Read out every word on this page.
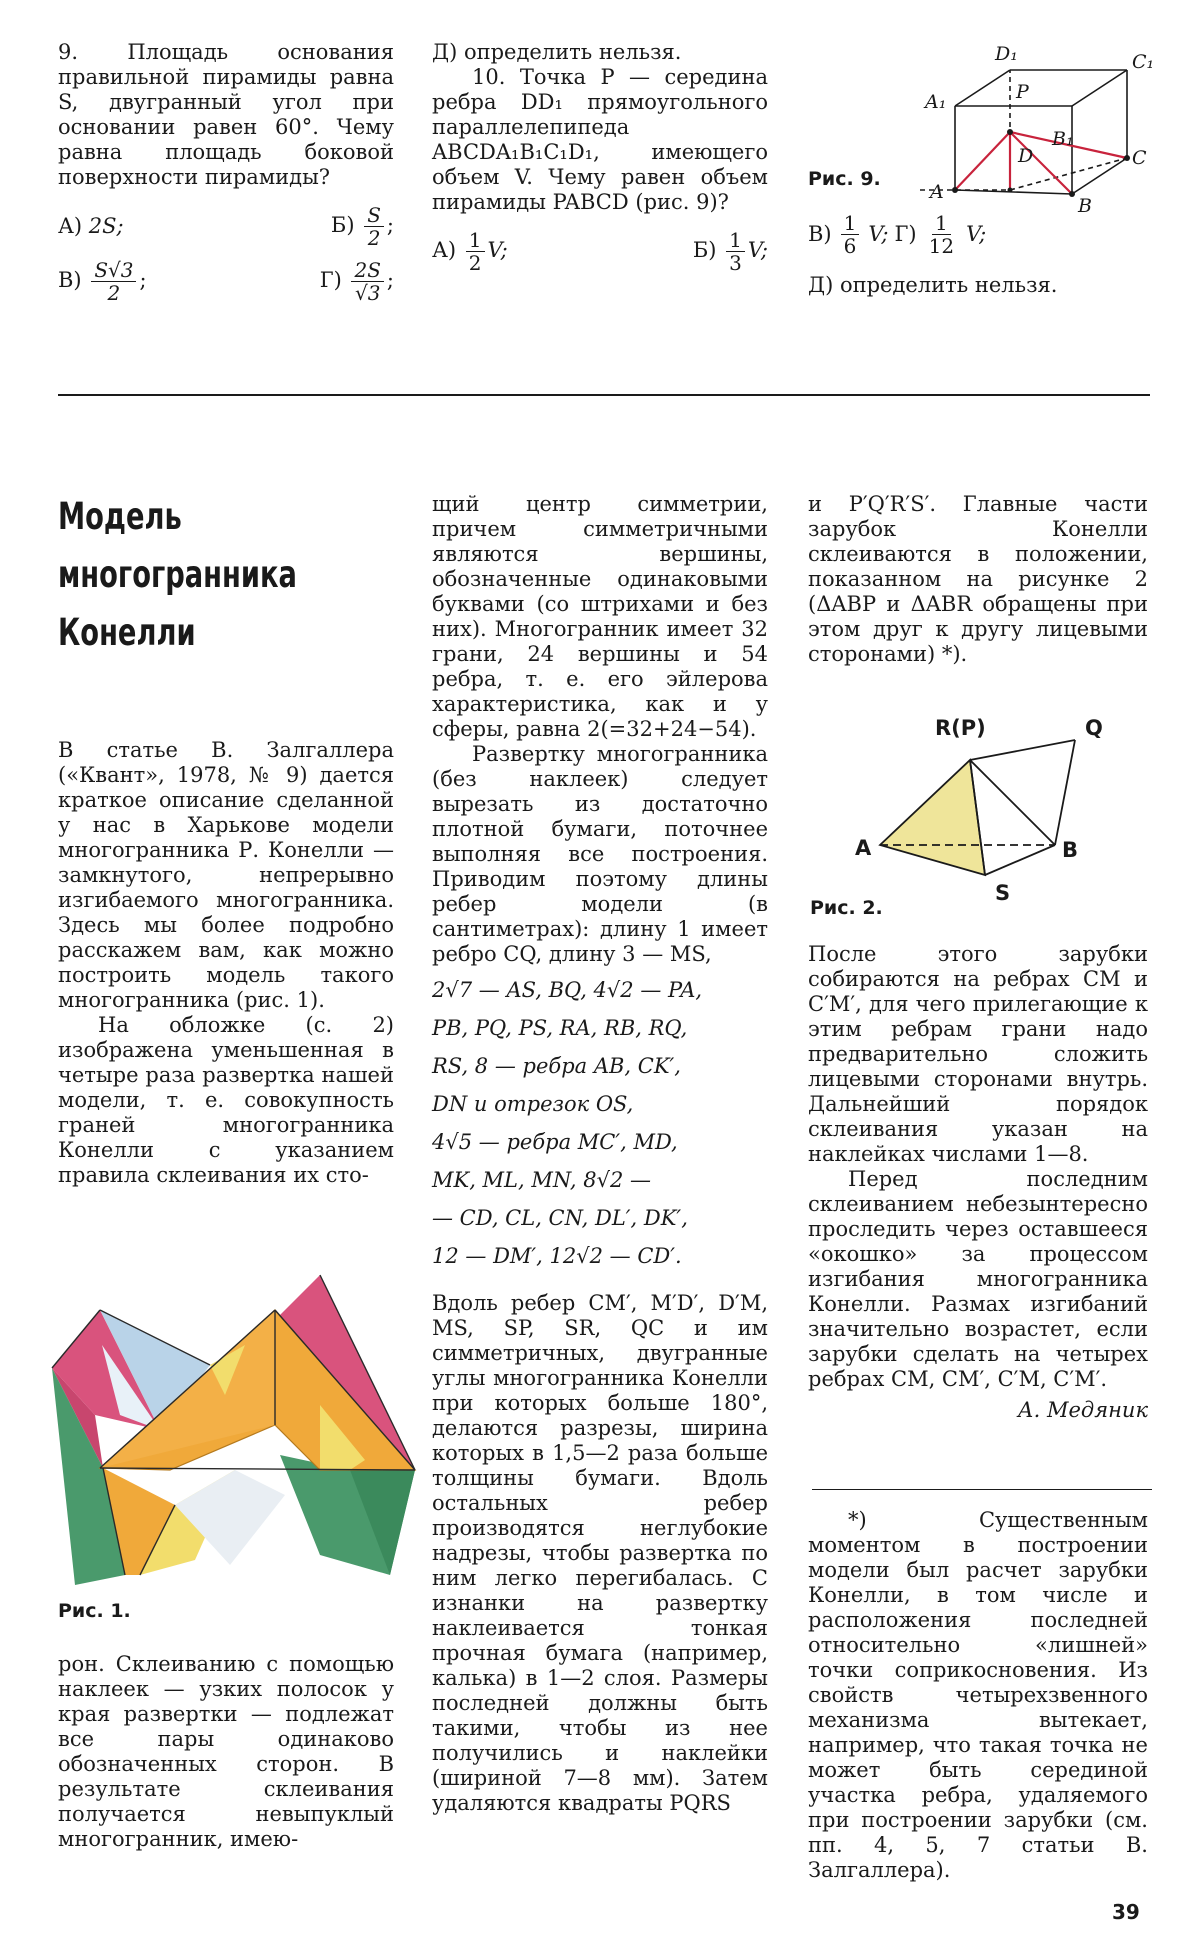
9. Площадь основания правильной пирамиды равна S, двугранный угол при основании равен 60°. Чему равна площадь боковой поверхности пирамиды?

А) 2S;	$Б) \frac{S}{2}$ ;
$В) \frac{S√3}{2}$ ;	$Г) \frac{2S}{√3}$ ;

Д) определить нельзя.

10. Точка P — середина ребра DD₁ прямоугольного параллелепипеда ABCDA₁B₁C₁D₁, имеющего объем V. Чему равен объем пирамиды PABCD (рис. 9)?

$А) \frac{1}{2} V$;	$Б) \frac{1}{3} V$;
D₁	C₁
A₁	P
B₁
D	C
A
B
Рис. 9.
$В) \frac{1}{6} V$; $Г) \frac{1}{12} V$;

Д) определить нельзя.

Модель
многогранника
Конелли

В статье В. Залгаллера («Квант», 1978, № 9) дается краткое описание сделанной у нас в Харькове модели многогранника Р. Конелли — замкнутого, непрерывно изгибаемого многогранника. Здесь мы более подробно расскажем вам, как можно построить модель такого многогранника (рис. 1).

На обложке (с. 2) изображена уменьшенная в четыре раза развертка нашей модели, т. е. совокупность граней многогранника Конелли с указанием правила склеивания их сто-

Рис. 1.

рон. Склеиванию с помощью наклеек — узких полосок у края развертки — подлежат все пары одинаково обозначенных сторон. В результате склеивания получается невыпуклый многогранник, имею-

щий центр симметрии, причем симметричными являются вершины, обозначенные одинаковыми буквами (со штрихами и без них). Многогранник имеет 32 грани, 24 вершины и 54 ребра, т. е. его эйлерова характеристика, как и у сферы, равна 2(=32+24−54).

Развертку многогранника (без наклеек) следует вырезать из достаточно плотной бумаги, поточнее выполняя все построения. Приводим поэтому длины ребер модели (в сантиметрах): длину 1 имеет ребро CQ, длину 3 — MS,

2√7 — AS, BQ, 4√2 — PA,
PB, PQ, PS, RA, RB, RQ,
RS, 8 — ребра AB, CK′,
DN и отрезок OS,
4√5 — ребра MC′, MD,
MK, ML, MN, 8√2 —
— CD, CL, CN, DL′, DK′,
12 — DM′, 12√2 — CD′.

Вдоль ребер CM′, M′D′, D′M, MS, SP, SR, QC и им симметричных, двугранные углы многогранника Конелли при которых больше 180°, делаются разрезы, ширина которых в 1,5—2 раза больше толщины бумаги. Вдоль остальных ребер производятся неглубокие надрезы, чтобы развертка по ним легко перегибалась. С изнанки на развертку наклеивается тонкая прочная бумага (например, калька) в 1—2 слоя. Размеры последней должны быть такими, чтобы из нее получились и наклейки (шириной 7—8 мм). Затем удаляются квадраты PQRS

и P′Q′R′S′. Главные части зарубок Конелли склеиваются в положении, показанном на рисунке 2 (ΔABP и ΔABR обращены при этом друг к другу лицевыми сторонами) *).

R(P)	Q
A	B
S
Рис. 2.

После этого зарубки собираются на ребрах CM и C′M′, для чего прилегающие к этим ребрам грани надо предварительно сложить лицевыми сторонами внутрь. Дальнейший порядок склеивания указан на наклейках числами 1—8.

Перед последним склеиванием небезынтересно проследить через оставшееся «окошко» за процессом изгибания многогранника Конелли. Размах изгибаний значительно возрастет, если зарубки сделать на четырех ребрах CM, CM′, C′M, C′M′.

А. Медяник

*) Существенным моментом в построении модели был расчет зарубки Конелли, в том числе и расположения последней относительно «лишней» точки соприкосновения. Из свойств четырехзвенного механизма вытекает, например, что такая точка не может быть серединой участка ребра, удаляемого при построении зарубки (см. пп. 4, 5, 7 статьи В. Залгаллера).

39
